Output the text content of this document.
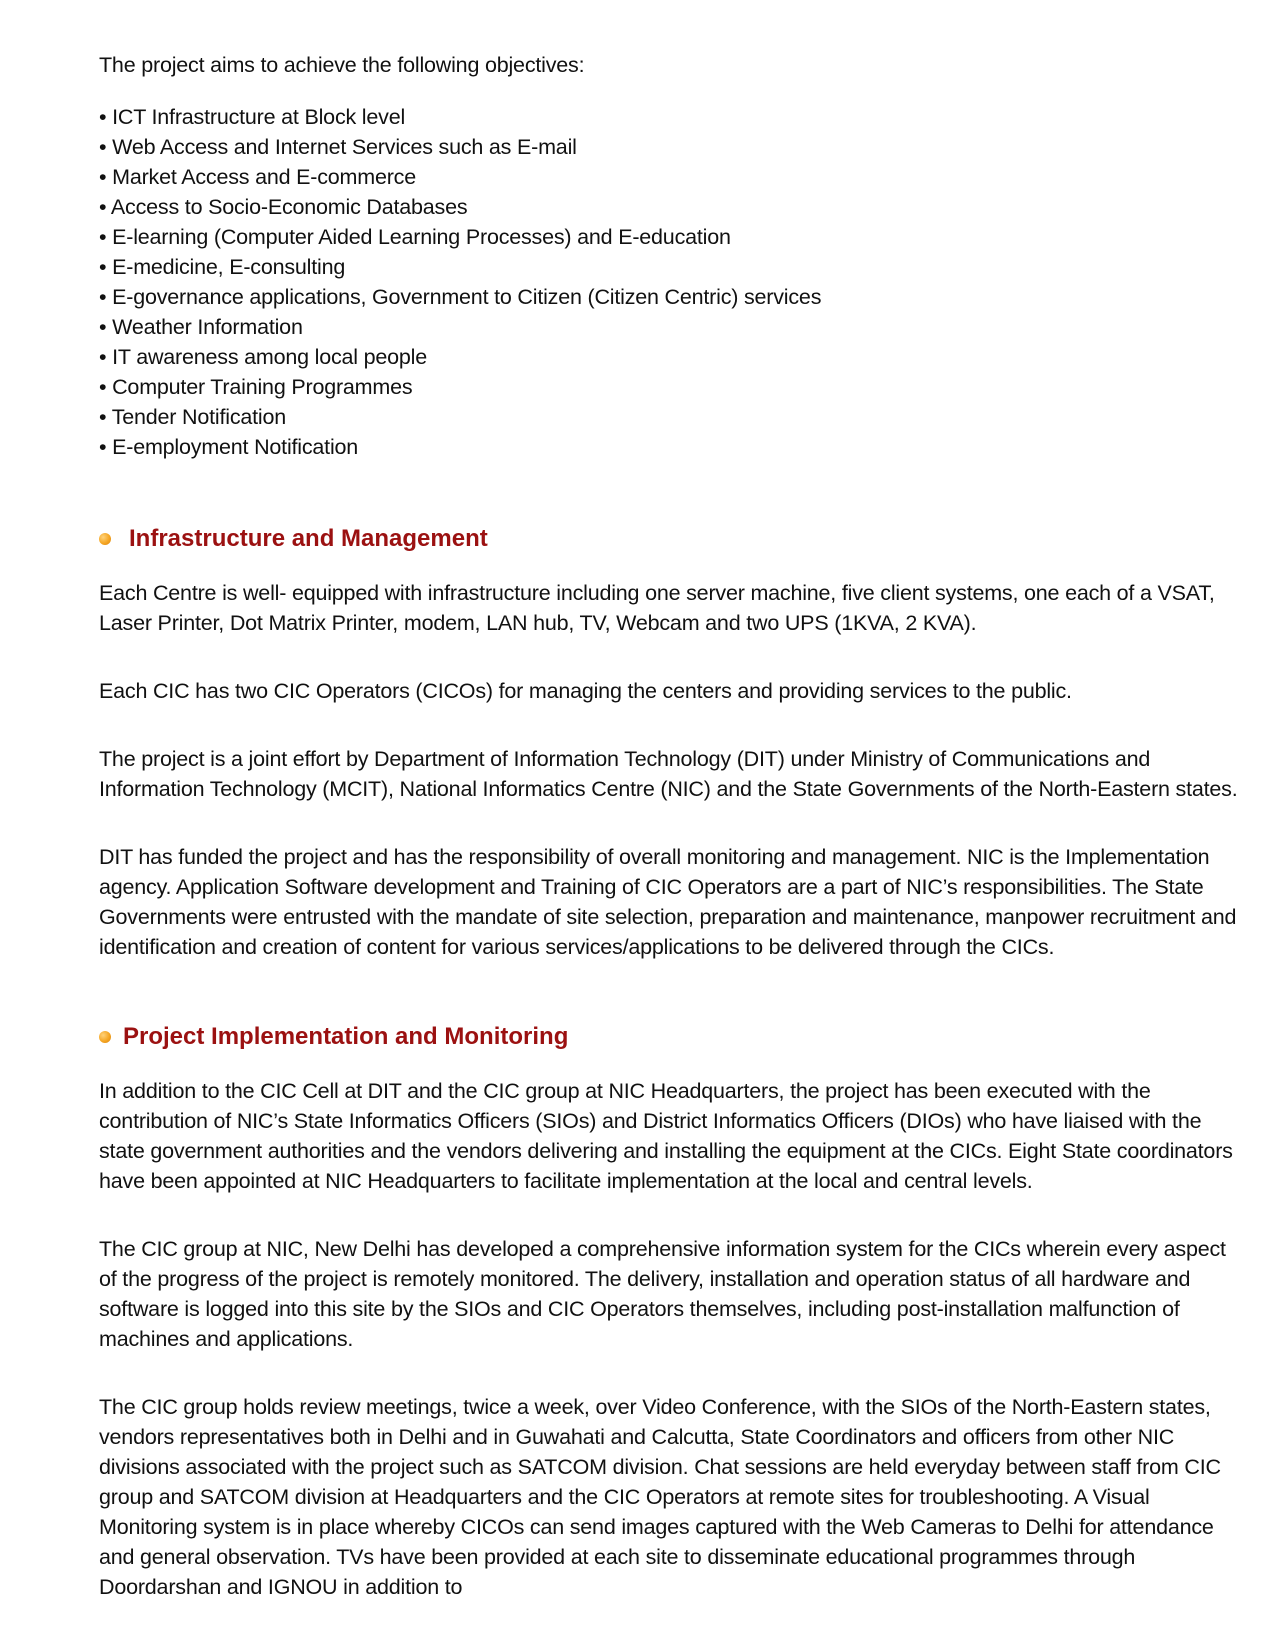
The project aims to achieve the following objectives:

• ICT Infrastructure at Block level
• Web Access and Internet Services such as E-mail
• Market Access and E-commerce
• Access to Socio-Economic Databases
• E-learning (Computer Aided Learning Processes) and E-education
• E-medicine, E-consulting
• E-governance applications, Government to Citizen (Citizen Centric) services
• Weather Information
• IT awareness among local people
• Computer Training Programmes
• Tender Notification
• E-employment Notification
Infrastructure and Management

Each Centre is well- equipped with infrastructure including one server machine, five client systems, one each of a VSAT, Laser Printer, Dot Matrix Printer, modem, LAN hub, TV, Webcam and two UPS (1KVA, 2 KVA).

Each CIC has two CIC Operators (CICOs) for managing the centers and providing services to the public.

The project is a joint effort by Department of Information Technology (DIT) under Ministry of Communications and Information Technology (MCIT), National Informatics Centre (NIC) and the State Governments of the North-Eastern states.

DIT has funded the project and has the responsibility of overall monitoring and management. NIC is the Implementation agency. Application Software development and Training of CIC Operators are a part of NIC’s responsibilities. The State Governments were entrusted with the mandate of site selection, preparation and maintenance, manpower recruitment and identification and creation of content for various services/applications to be delivered through the CICs.

Project Implementation and Monitoring

In addition to the CIC Cell at DIT and the CIC group at NIC Headquarters, the project has been executed with the contribution of NIC’s State Informatics Officers (SIOs) and District Informatics Officers (DIOs) who have liaised with the state government authorities and the vendors delivering and installing the equipment at the CICs. Eight State coordinators have been appointed at NIC Headquarters to facilitate implementation at the local and central levels.

The CIC group at NIC, New Delhi has developed a comprehensive information system for the CICs wherein every aspect of the progress of the project is remotely monitored. The delivery, installation and operation status of all hardware and software is logged into this site by the SIOs and CIC Operators themselves, including post-installation malfunction of machines and applications.

The CIC group holds review meetings, twice a week, over Video Conference, with the SIOs of the North-Eastern states, vendors representatives both in Delhi and in Guwahati and Calcutta, State Coordinators and officers from other NIC divisions associated with the project such as SATCOM division. Chat sessions are held everyday between staff from CIC group and SATCOM division at Headquarters and the CIC Operators at remote sites for troubleshooting. A Visual Monitoring system is in place whereby CICOs can send images captured with the Web Cameras to Delhi for attendance and general observation. TVs have been provided at each site to disseminate educational programmes through Doordarshan and IGNOU in addition to
